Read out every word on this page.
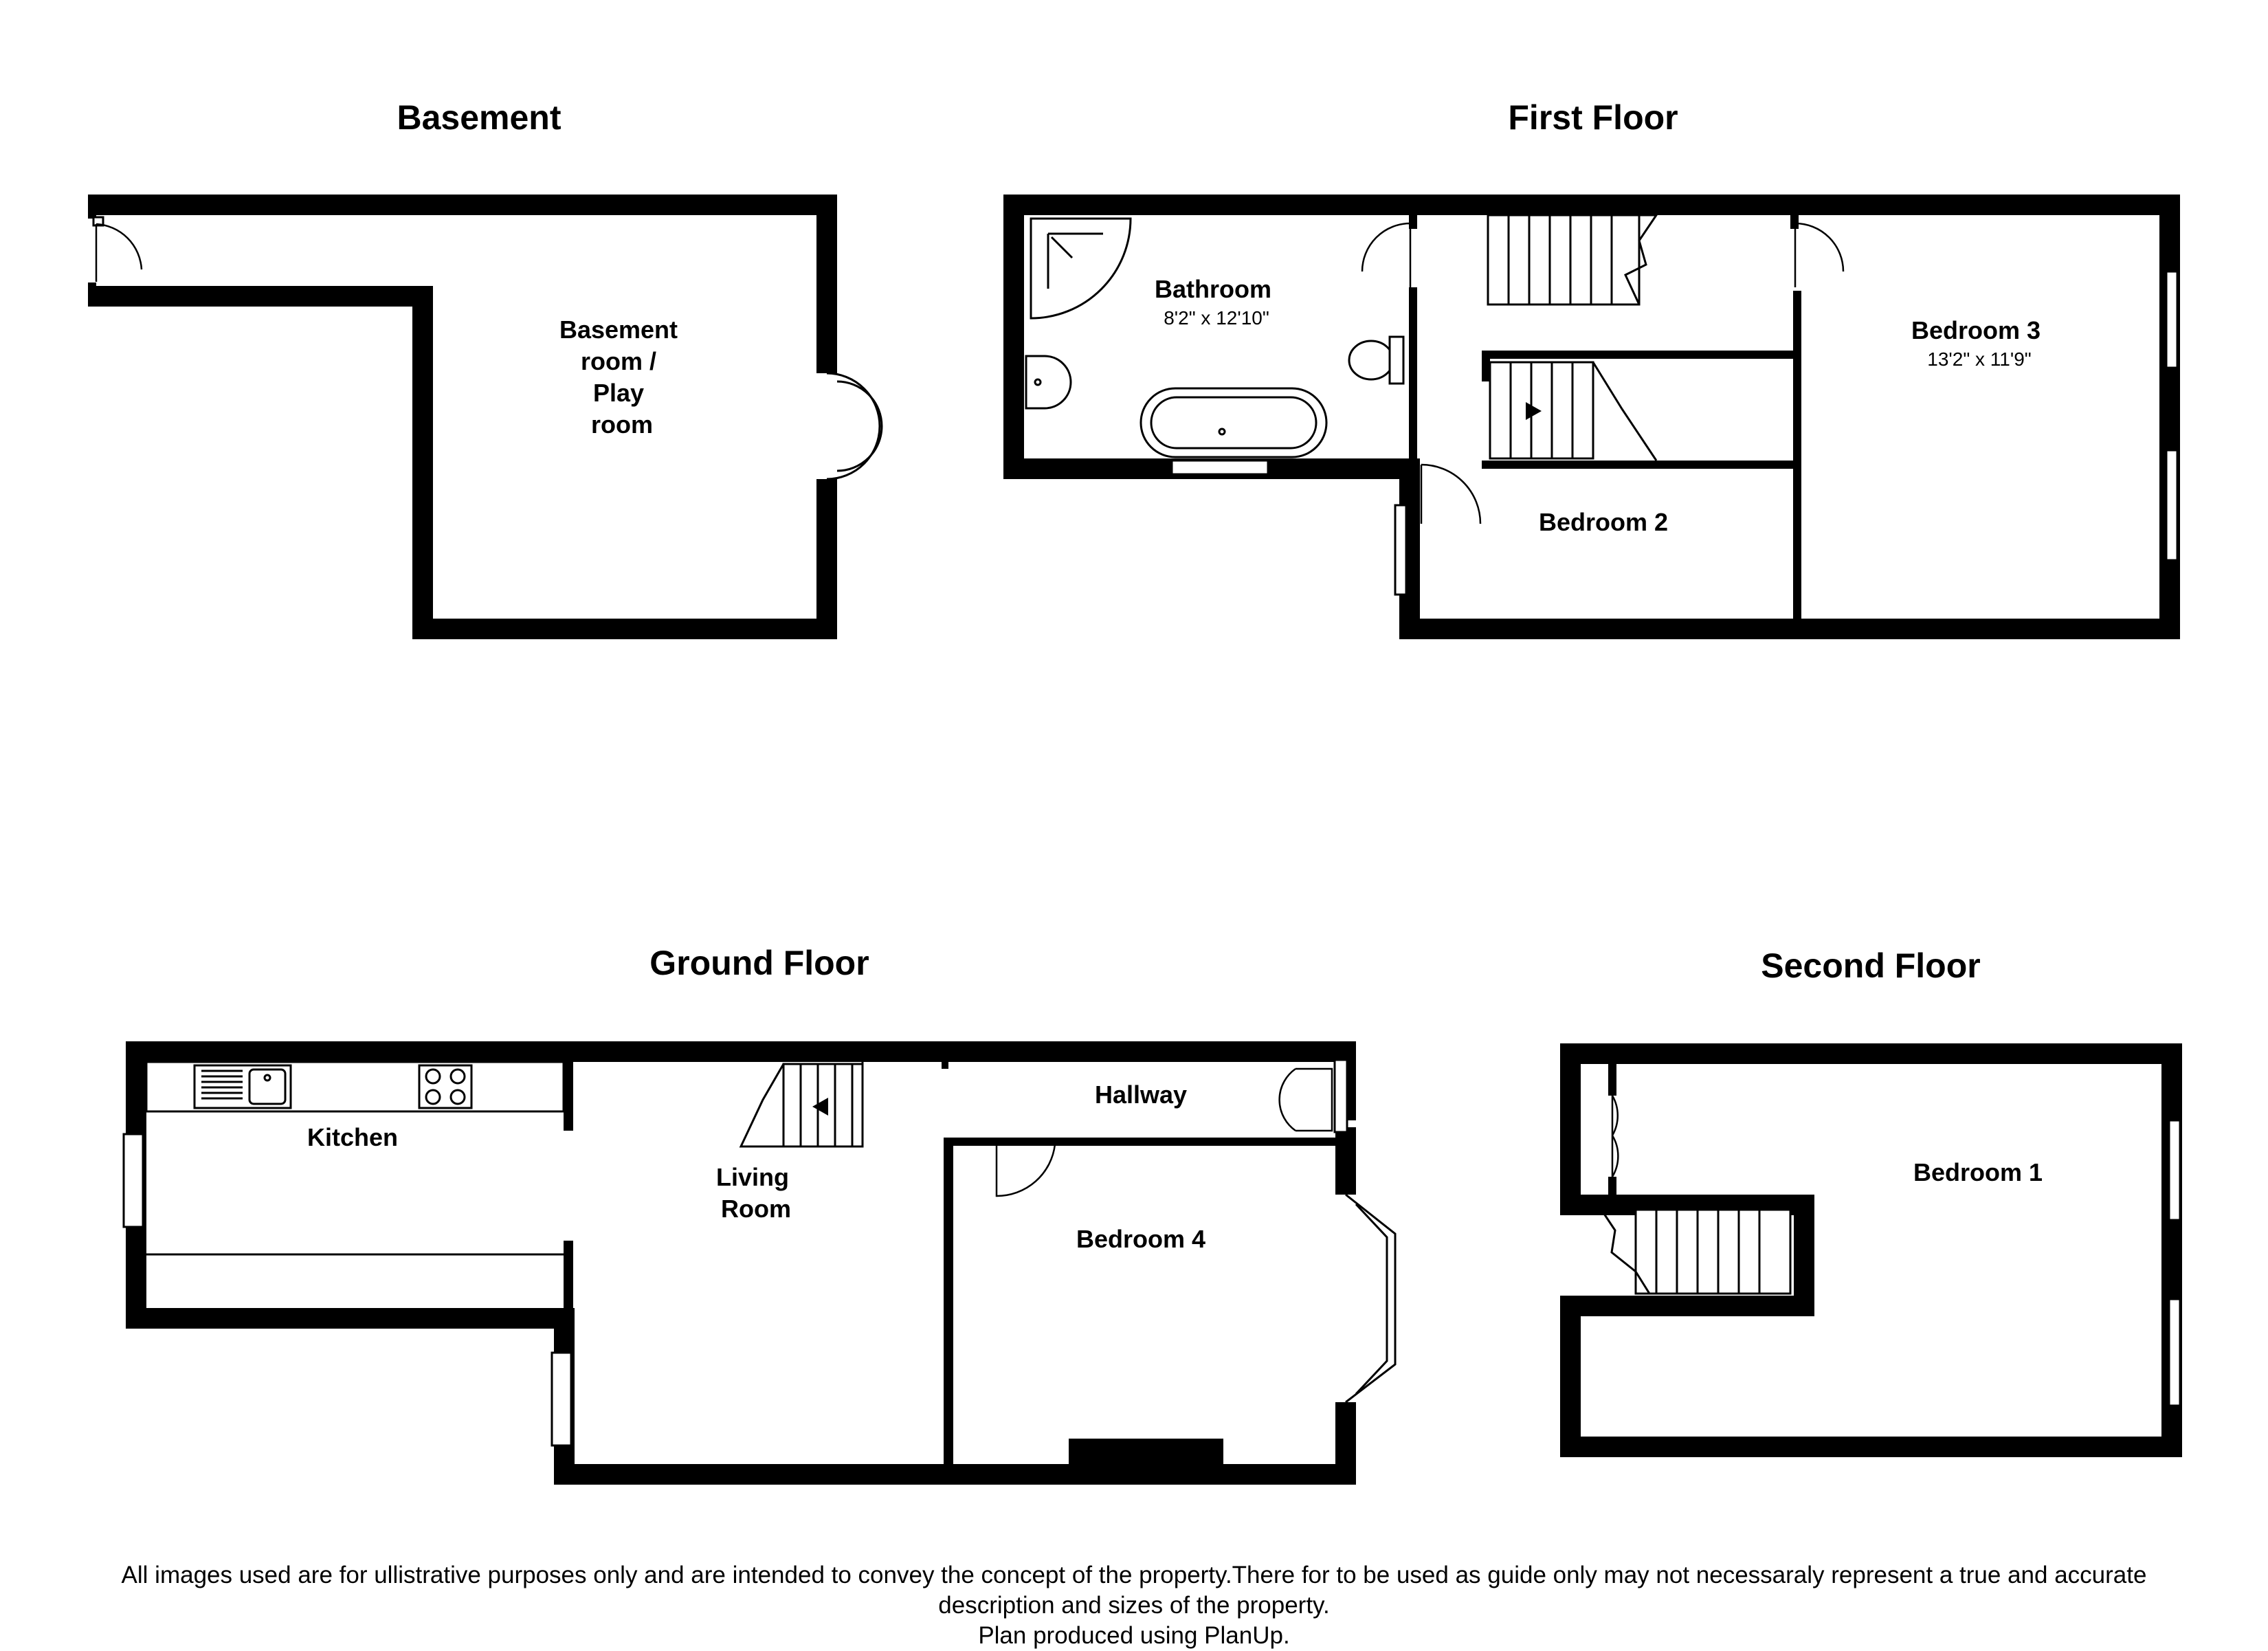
Basement
Basement room / Play room
First Floor
Bathroom
8'2" x 12'10"	Bedroom 3
13'2" x 11'9"
Bedroom 2
Ground Floor
Kitchen
Living Room
Hallway
Bedroom 4
Second Floor
Bedroom 1
All images used are for ullistrative purposes only and are intended to convey the concept of the property.There for to be used as guide only may not necessaraly represent a true and accurate
description and sizes of the property.
Plan produced using PlanUp.
